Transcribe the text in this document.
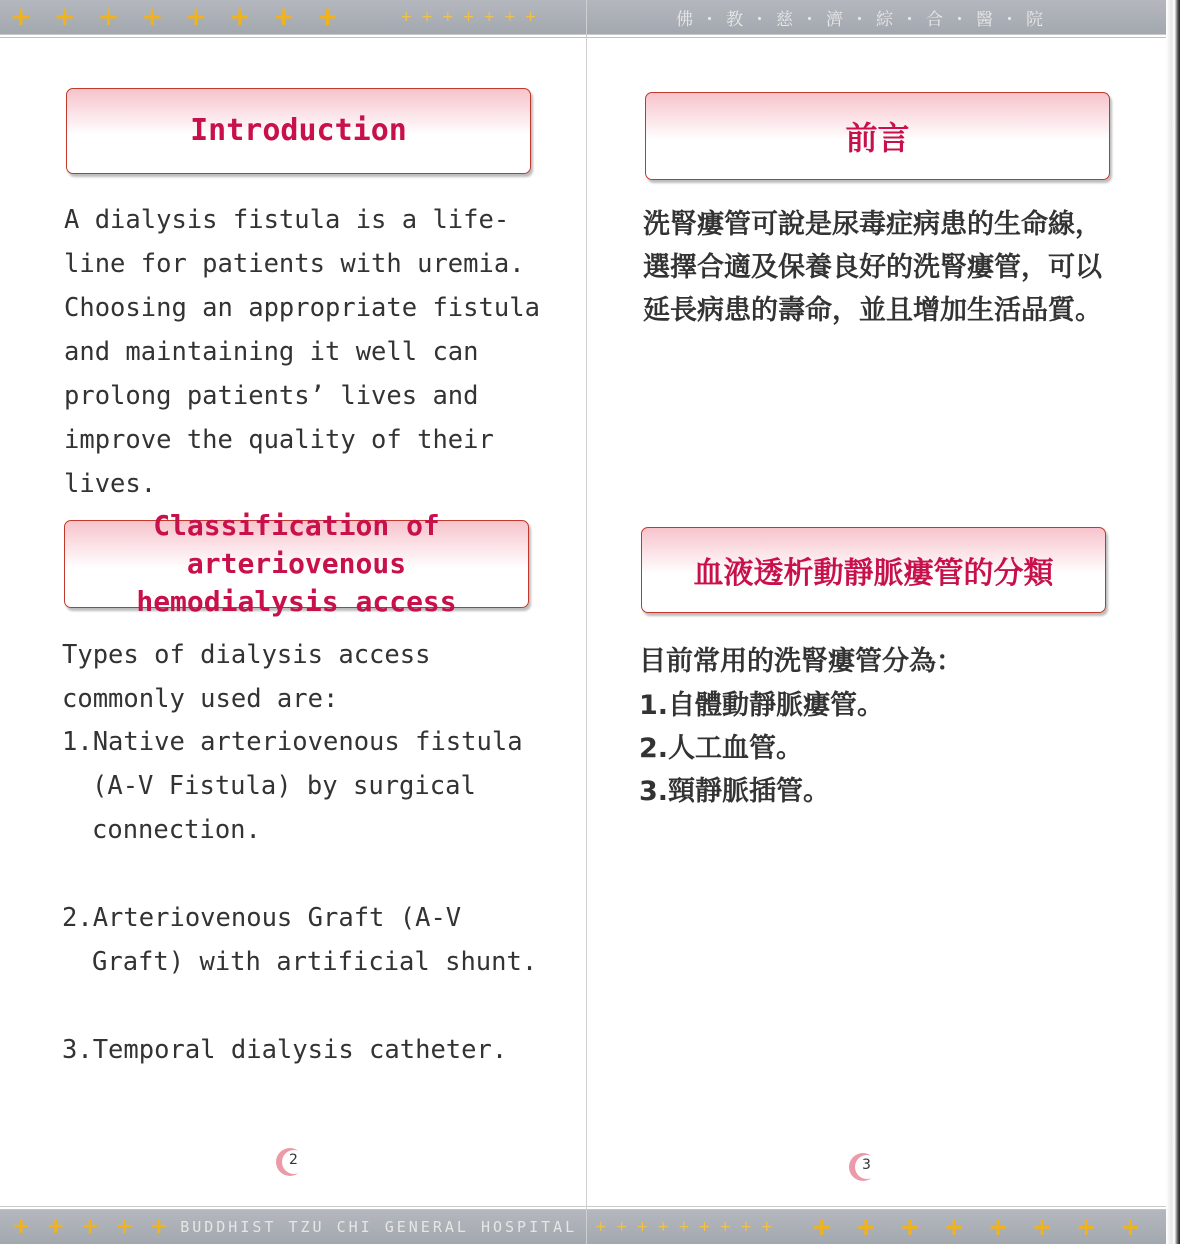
+ + + + + + + +	+ + + + + + +
Introduction
A dialysis fistula is a life-line for patients with uremia. Choosing an appropriate fistula and maintaining it well can prolong patients’ lives and improve the quality of their lives.
Classification of arteriovenous
hemodialysis access
Types of dialysis access commonly used are:
1.Native arteriovenous fistula (A-V Fistula) by surgical connection.
2.Arteriovenous Graft (A-V Graft) with artificial shunt.
3.Temporal dialysis catheter.
2
+ + + + + BUDDHIST TZU CHI GENERAL HOSPITAL
佛・教・慈・濟・綜・合・醫・院
前言
洗腎瘻管可說是尿毒症病患的生命線，選擇合適及保養良好的洗腎瘻管，可以延長病患的壽命，並且增加生活品質。
血液透析動靜脈瘻管的分類
目前常用的洗腎瘻管分為：
1.自體動靜脈瘻管。
2.人工血管。
3.頸靜脈插管。
3
+ + + + + + + + + + + + + + + + +
